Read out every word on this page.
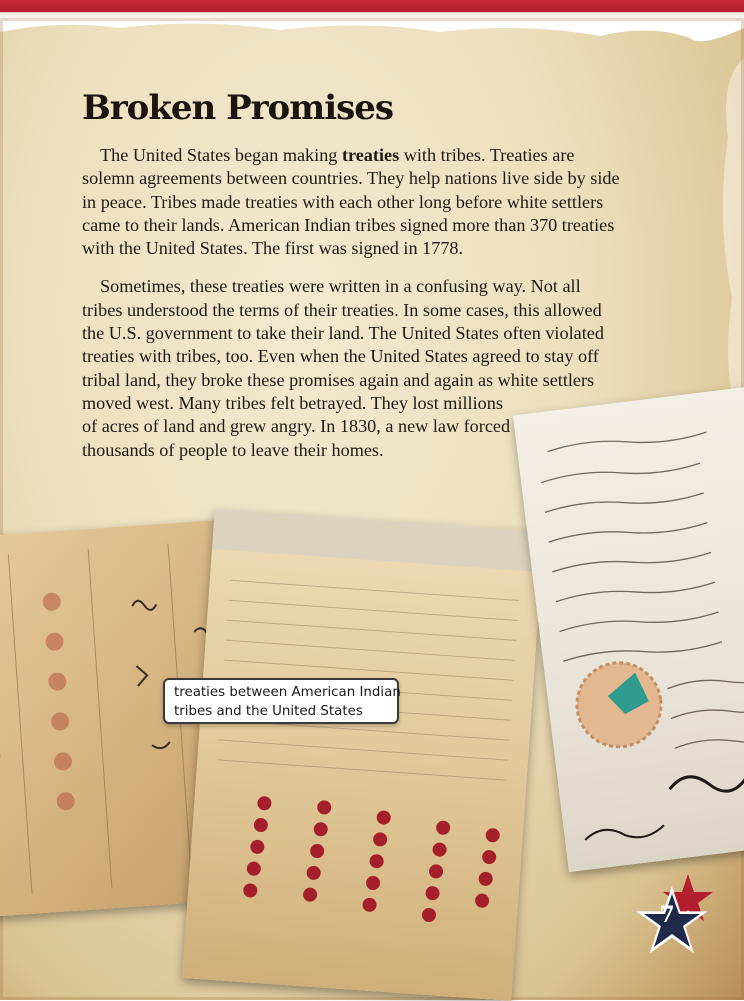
Broken Promises

The United States began making treaties with tribes. Treaties are
solemn agreements between countries. They help nations live side by side
in peace. Tribes made treaties with each other long before white settlers
came to their lands. American Indian tribes signed more than 370 treaties
with the United States. The first was signed in 1778.

Sometimes, these treaties were written in a confusing way. Not all
tribes understood the terms of their treaties. In some cases, this allowed
the U.S. government to take their land. The United States often violated
treaties with tribes, too. Even when the United States agreed to stay off
tribal land, they broke these promises again and again as white settlers
moved west. Many tribes felt betrayed. They lost millions
of acres of land and grew angry. In 1830, a new law forced
thousands of people to leave their homes.

treaties between American Indian
tribes and the United States
7
